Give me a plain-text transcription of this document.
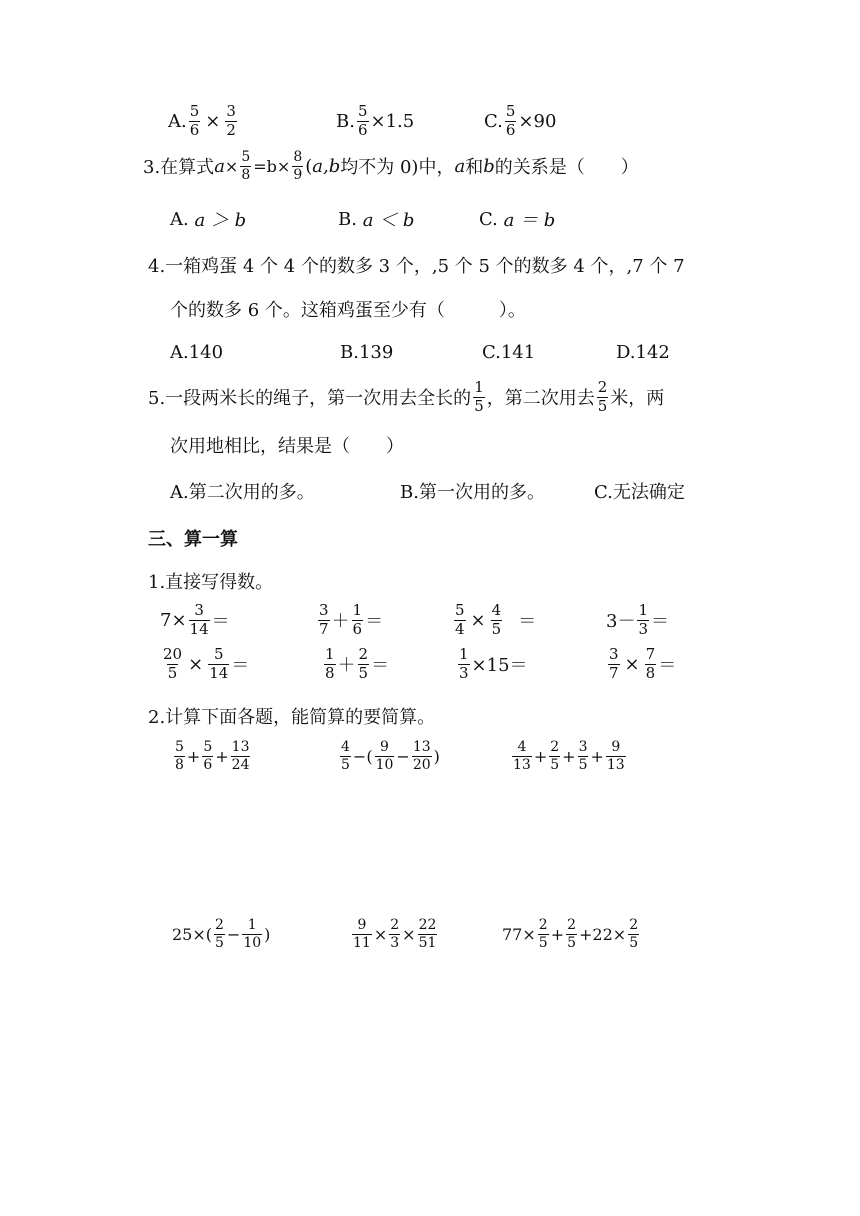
A. $\frac{5}{6} \times \frac{3}{2}$	B. $\frac{5}{6} \times 1.5$	C. $\frac{5}{6} \times 90$
3.在算式 $a \times \frac{5}{8} =b\times \frac{8}{9}$ ( a,b 均不为 0)中， a 和 b 的关系是（　　）
A.
a ＞ b	B.
a ＜ b	C.
a ＝ b
4.一箱鸡蛋 4 个 4 个的数多 3 个，,5 个 5 个的数多 4 个，,7 个 7
个的数多 6 个。这箱鸡蛋至少有（　　　）。
A.140	B.139	C.141	D.142
5.一段两米长的绳子，第一次用去全长的 $\frac{1}{5}$ ，第二次用去 $\frac{2}{5}$ 米，两
次用地相比，结果是（　　）
A.第二次用的多。	B.第一次用的多。	C.无法确定
三、算一算
1.直接写得数。
$7\times \frac{3}{14}$ ＝	$\frac{3}{7} + \frac{1}{6}$ ＝	$\frac{5}{4} \times \frac{4}{5}$ ＝	$3- \frac{1}{3}$ ＝
$\frac{20}{5} \times \frac{5}{14}$ ＝	$\frac{1}{8} + \frac{2}{5}$ ＝	$\frac{1}{3} \times 15=$	$\frac{3}{7} \times \frac{7}{8}$ ＝
2.计算下面各题，能简算的要简算。
$\frac{5}{8} + \frac{5}{6} + \frac{13}{24}$	$\frac{4}{5}$ −( $\frac{9}{10} - \frac{13}{20}$ )	$\frac{4}{13} + \frac{2}{5} + \frac{3}{5} + \frac{9}{13}$
$25\times( \frac{2}{5} - \frac{1}{10}$ )	$\frac{9}{11} \times \frac{2}{3} \times \frac{22}{51}$	$77\times \frac{2}{5} + \frac{2}{5} +22\times \frac{2}{5}$
